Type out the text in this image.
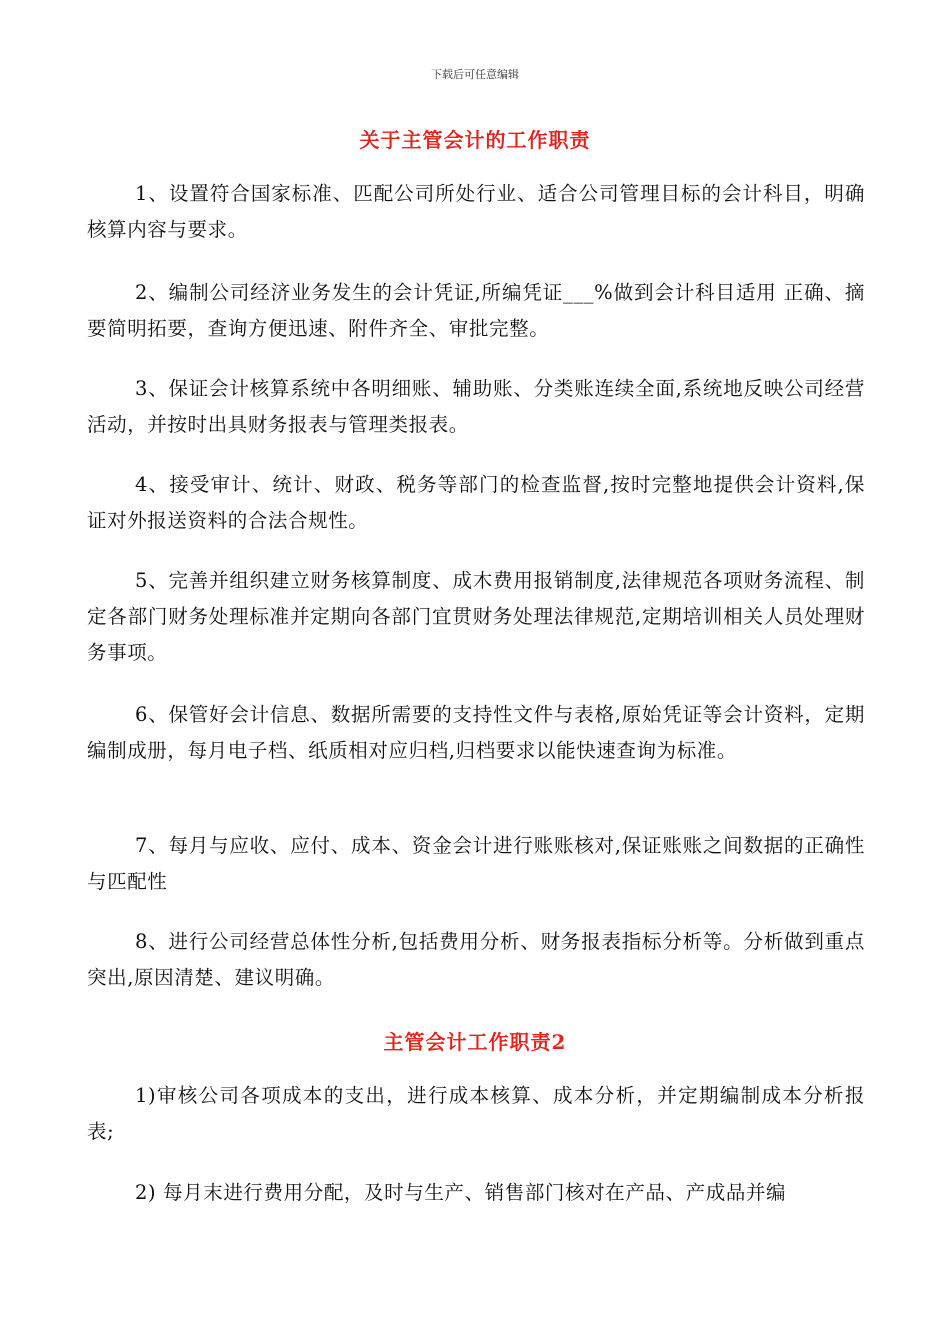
下载后可任意编辑
关于主管会计的工作职责

1、设置符合国家标准、匹配公司所处行业、适合公司管理目标的会计科目，明确核算内容与要求。

2、编制公司经济业务发生的会计凭证,所编凭证___%做到会计科目适用 正确、摘要简明拓要，查询方便迅速、附件齐全、审批完整。

3、保证会计核算系统中各明细账、辅助账、分类账连续全面,系统地反映公司经营活动，并按时出具财务报表与管理类报表。

4、接受审计、统计、财政、税务等部门的检查监督,按时完整地提供会计资料,保证对外报送资料的合法合规性。

5、完善并组织建立财务核算制度、成木费用报销制度,法律规范各项财务流程、制定各部门财务处理标准并定期向各部门宜贯财务处理法律规范,定期培训相关人员处理财务事项。

6、保管好会计信息、数据所需要的支持性文件与表格,原始凭证等会计资料，定期编制成册，每月电子档、纸质相对应归档,归档要求以能快速查询为标准。

7、每月与应收、应付、成本、资金会计进行账账核对,保证账账之间数据的正确性与匹配性

8、进行公司经营总体性分析,包括费用分析、财务报表指标分析等。分析做到重点突出,原因清楚、建议明确。

主管会计工作职责2

1)审核公司各项成本的支出，进行成本核算、成本分析，并定期编制成本分析报表;

2) 每月末进行费用分配，及时与生产、销售部门核对在产品、产成品并编
